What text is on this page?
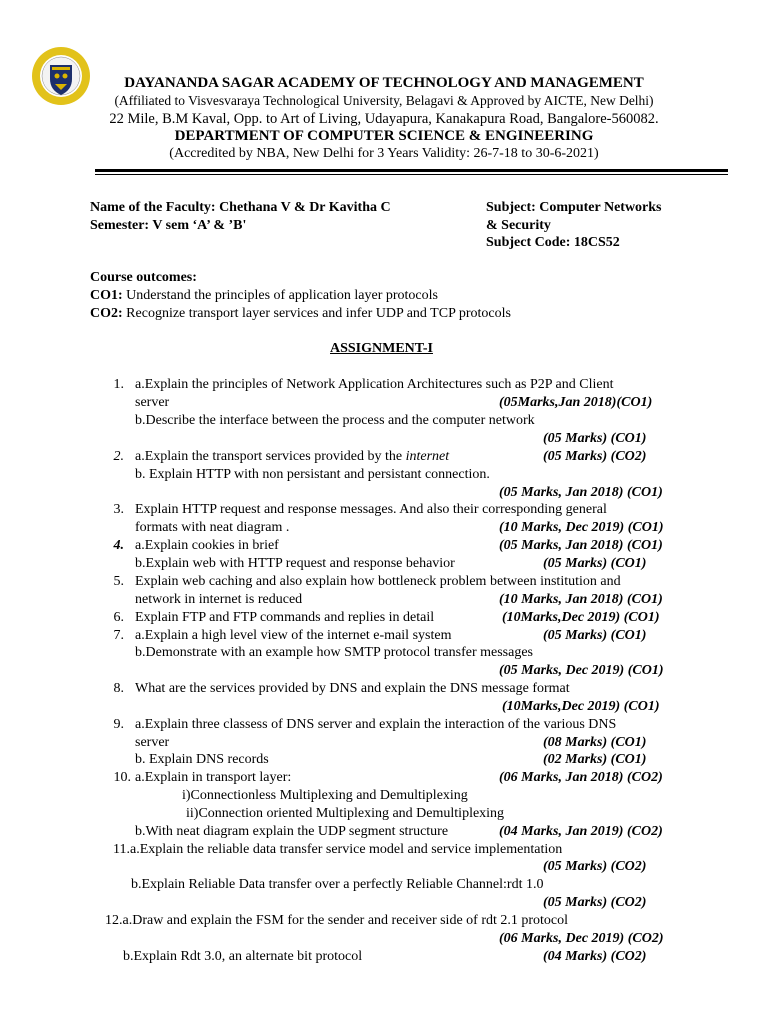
DAYANANDA SAGAR ACADEMY OF TECHNOLOGY AND MANAGEMENT
(Affiliated to Visvesvaraya Technological University, Belagavi & Approved by AICTE, New Delhi)
22 Mile, B.M Kaval, Opp. to Art of Living, Udayapura, Kanakapura Road, Bangalore-560082.
DEPARTMENT OF COMPUTER SCIENCE & ENGINEERING
(Accredited by NBA, New Delhi for 3 Years Validity: 26-7-18 to 30-6-2021)
Name of the Faculty: Chethana V & Dr Kavitha C
Semester: V sem ‘A’ & ’B'
Subject: Computer Networks
& Security
Subject Code: 18CS52
Course outcomes:
CO1: Understand the principles of application layer protocols
CO2: Recognize transport layer services and infer UDP and TCP protocols
ASSIGNMENT-I
1. a.Explain the principles of Network Application Architectures such as P2P and Client
server	(05Marks,Jan 2018)(CO1)
b.Describe the interface between the process and the computer network
(05 Marks) (CO1)
2. a.Explain the transport services provided by the internet	(05 Marks) (CO2)
b. Explain HTTP with non persistant and persistant connection.
(05 Marks, Jan 2018) (CO1)
3. Explain HTTP request and response messages. And also their corresponding general
formats with neat diagram .	(10 Marks, Dec 2019) (CO1)
4. a.Explain cookies in brief	(05 Marks, Jan 2018) (CO1)
b.Explain web with HTTP request and response behavior	(05 Marks) (CO1)
5. Explain web caching and also explain how bottleneck problem between institution and
network in internet is reduced	(10 Marks, Jan 2018) (CO1)
6. Explain FTP and FTP commands and replies in detail	(10Marks,Dec 2019) (CO1)
7. a.Explain a high level view of the internet e-mail system	(05 Marks) (CO1)
b.Demonstrate with an example how SMTP protocol transfer messages
(05 Marks, Dec 2019) (CO1)
8. What are the services provided by DNS and explain the DNS message format
(10Marks,Dec 2019) (CO1)
9. a.Explain three classess of DNS server and explain the interaction of the various DNS
server	(08 Marks) (CO1)
b. Explain DNS records	(02 Marks) (CO1)
10. a.Explain in transport layer:	(06 Marks, Jan 2018) (CO2)
i)Connectionless Multiplexing and Demultiplexing
ii)Connection oriented Multiplexing and Demultiplexing
b.With neat diagram explain the UDP segment structure	(04 Marks, Jan 2019) (CO2)
11.a.Explain the reliable data transfer service model and service implementation
(05 Marks) (CO2)
b.Explain Reliable Data transfer over a perfectly Reliable Channel:rdt 1.0
(05 Marks) (CO2)
12.a.Draw and explain the FSM for the sender and receiver side of rdt 2.1 protocol
(06 Marks, Dec 2019) (CO2)
b.Explain Rdt 3.0, an alternate bit protocol	(04 Marks) (CO2)
